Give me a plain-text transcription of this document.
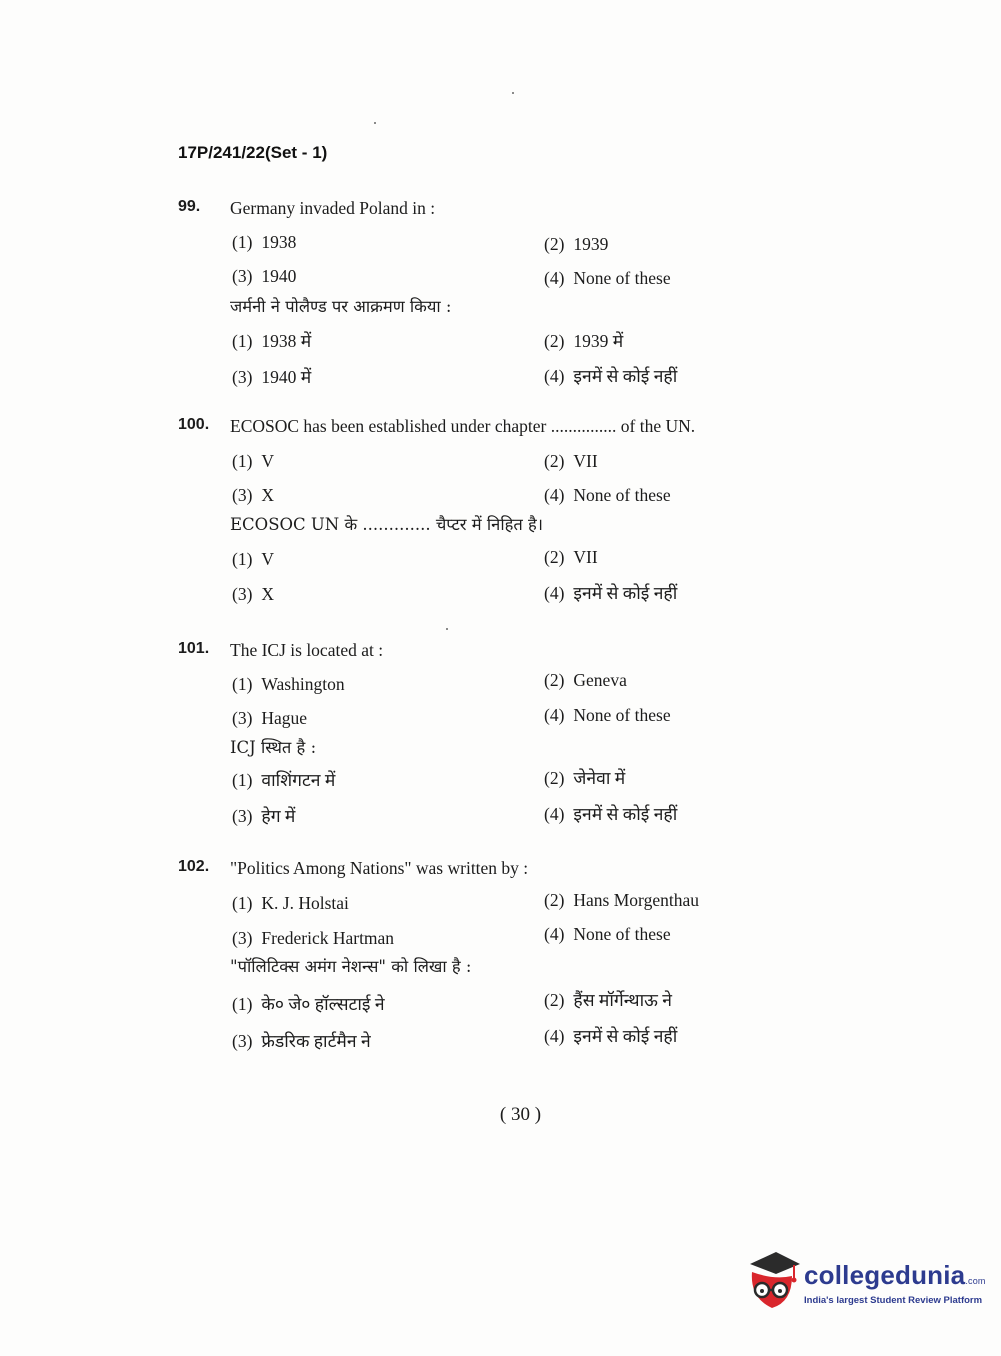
17P/241/22(Set - 1)
99. Germany invaded Poland in :
(1) 1938	(2) 1939
(3) 1940	(4) None of these
जर्मनी ने पोलैण्ड पर आक्रमण किया :
(1) 1938 में	(2) 1939 में
(3) 1940 में	(4) इनमें से कोई नहीं
100. ECOSOC has been established under chapter ............... of the UN.
(1) V	(2) VII
(3) X	(4) None of these
ECOSOC UN के ............. चैप्टर में निहित है।
(1) V	(2) VII
(3) X	(4) इनमें से कोई नहीं
101. The ICJ is located at :
(1) Washington	(2) Geneva
(3) Hague	(4) None of these
ICJ स्थित है :
(1) वाशिंगटन में	(2) जेनेवा में
(3) हेग में	(4) इनमें से कोई नहीं
102. "Politics Among Nations" was written by :
(1) K. J. Holstai	(2) Hans Morgenthau
(3) Frederick Hartman	(4) None of these
"पॉलिटिक्स अमंग नेशन्स" को लिखा है :
(1) के० जे० हॉल्सटाई ने	(2) हैंस मॉर्गेन्थाऊ ने
(3) फ्रेडरिक हार्टमैन ने	(4) इनमें से कोई नहीं
( 30 )
collegedunia.com
India's largest Student Review Platform
